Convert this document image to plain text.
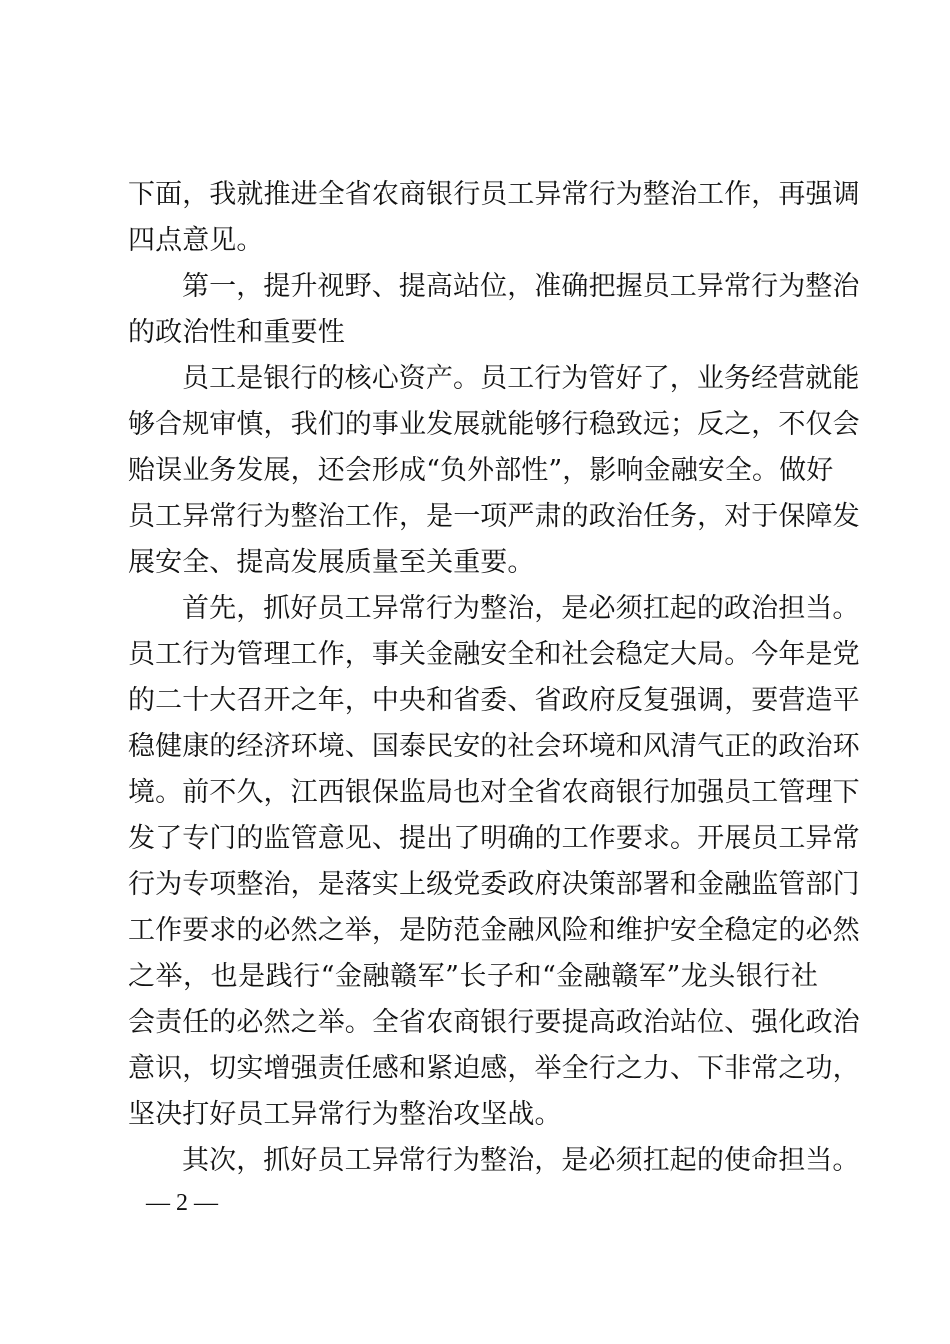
下面，我就推进全省农商银行员工异常行为整治工作，再强调
四点意见。
第一，提升视野、提高站位，准确把握员工异常行为整治
的政治性和重要性
员工是银行的核心资产。员工行为管好了，业务经营就能
够合规审慎，我们的事业发展就能够行稳致远；反之，不仅会
贻误业务发展，还会形成“负外部性”，影响金融安全。做好
员工异常行为整治工作，是一项严肃的政治任务，对于保障发
展安全、提高发展质量至关重要。
首先，抓好员工异常行为整治，是必须扛起的政治担当。
员工行为管理工作，事关金融安全和社会稳定大局。今年是党
的二十大召开之年，中央和省委、省政府反复强调，要营造平
稳健康的经济环境、国泰民安的社会环境和风清气正的政治环
境。前不久，江西银保监局也对全省农商银行加强员工管理下
发了专门的监管意见、提出了明确的工作要求。开展员工异常
行为专项整治，是落实上级党委政府决策部署和金融监管部门
工作要求的必然之举，是防范金融风险和维护安全稳定的必然
之举，也是践行“金融赣军”长子和“金融赣军”龙头银行社
会责任的必然之举。全省农商银行要提高政治站位、强化政治
意识，切实增强责任感和紧迫感，举全行之力、下非常之功，
坚决打好员工异常行为整治攻坚战。
其次，抓好员工异常行为整治，是必须扛起的使命担当。
— 2 —
